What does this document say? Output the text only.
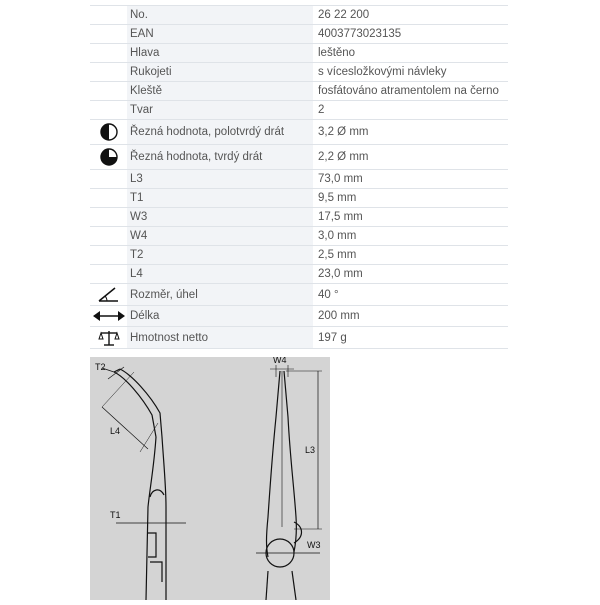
	No.	26 22 200
	EAN	4003773023135
	Hlava	leštěno
	Rukojeti	s vícesložkovými návleky
	Kleště	fosfátováno atramentolem na černo
	Tvar	2

	Řezná hodnota, polotvrdý drát	3,2 Ø mm

	Řezná hodnota, tvrdý drát	2,2 Ø mm
	L3	73,0 mm
	T1	9,5 mm
	W3	17,5 mm
	W4	3,0 mm
	T2	2,5 mm
	L4	23,0 mm

	Rozměr, úhel	40 °

	Délka	200 mm

	Hmotnost netto	197 g
T2
L4
T1
W4
L3
W3
